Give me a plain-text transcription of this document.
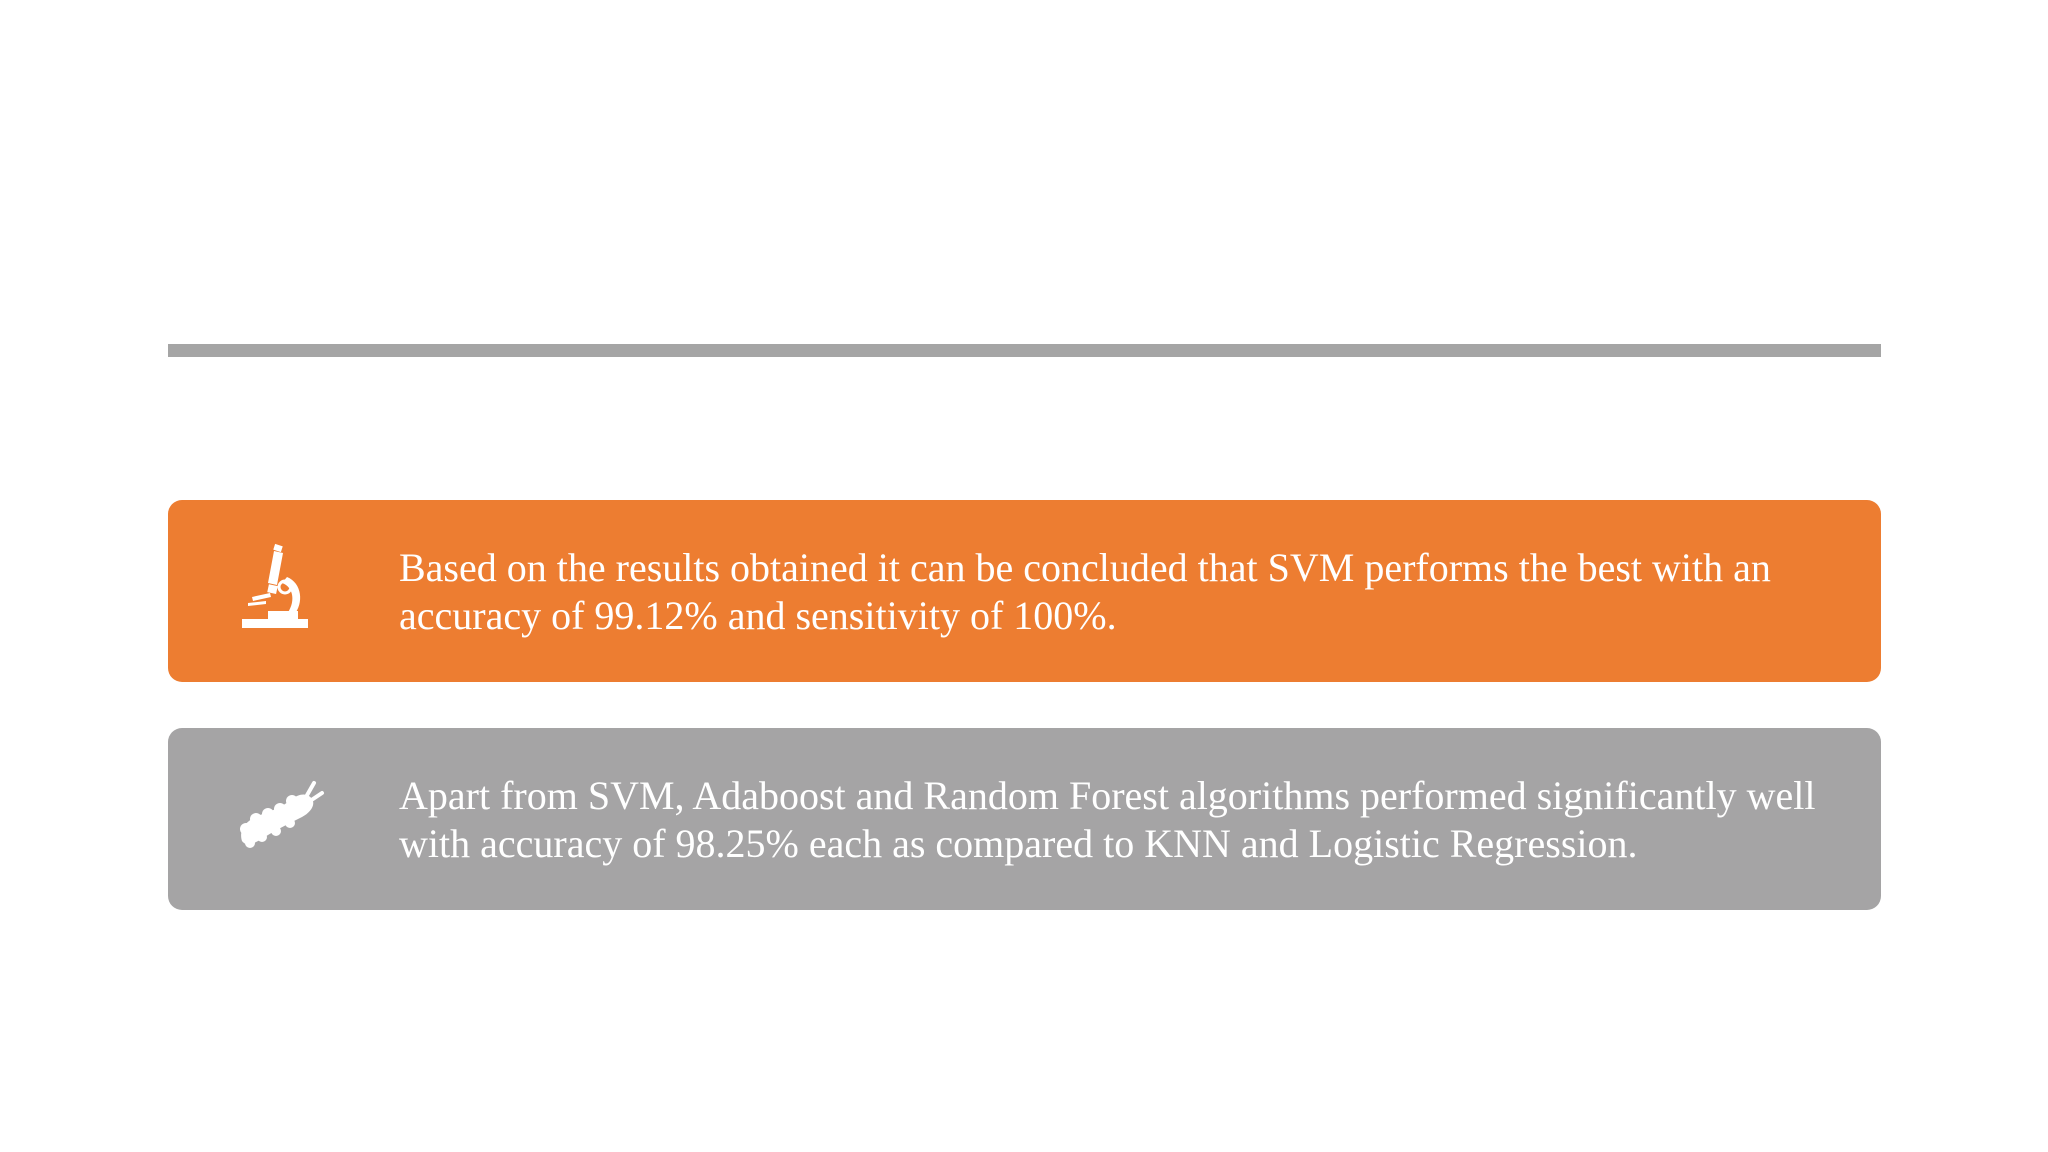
Based on the results obtained it can be concluded that SVM performs the best with an accuracy of 99.12% and sensitivity of 100%.
Apart from SVM, Adaboost and Random Forest algorithms performed significantly well with accuracy of 98.25% each as compared to KNN and Logistic Regression.
